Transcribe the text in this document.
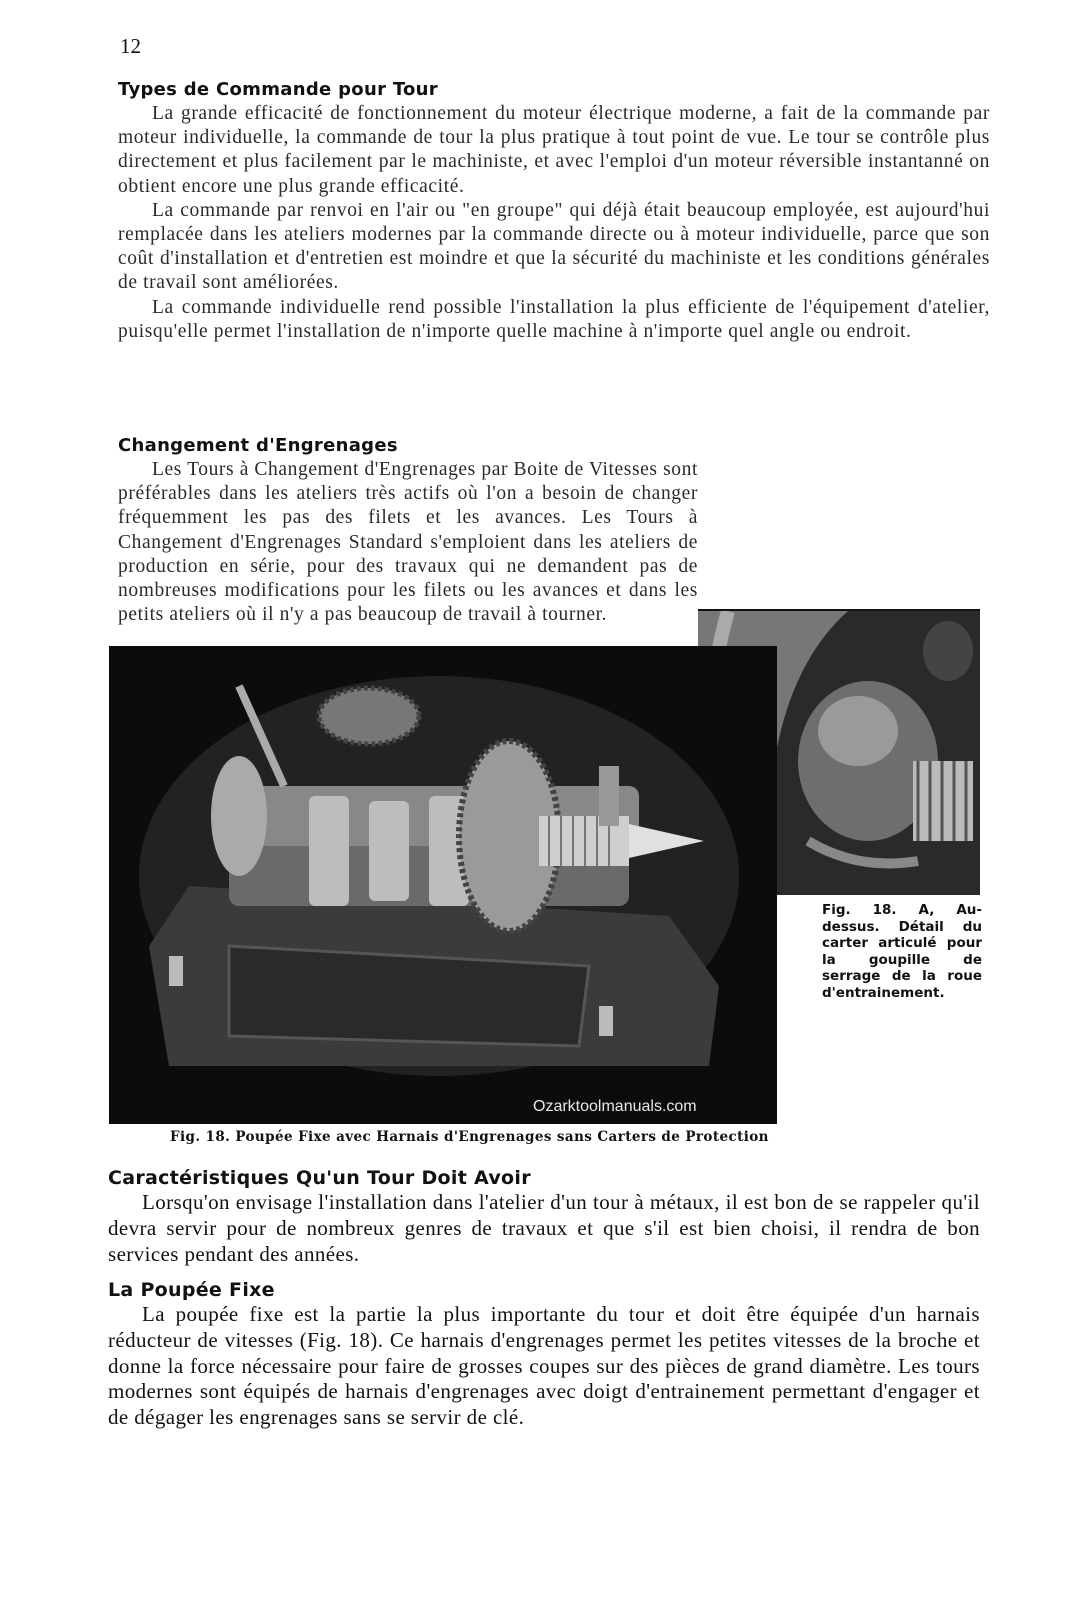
12
Types de Commande pour Tour

La grande efficacité de fonctionnement du moteur électrique moderne, a fait de la commande par moteur individuelle, la commande de tour la plus pratique à tout point de vue. Le tour se contrôle plus directement et plus facilement par le machiniste, et avec l'emploi d'un moteur réversible instantanné on obtient encore une plus grande efficacité.

La commande par renvoi en l'air ou "en groupe" qui déjà était beaucoup employée, est aujourd'hui remplacée dans les ateliers modernes par la commande directe ou à moteur individuelle, parce que son coût d'installation et d'entretien est moindre et que la sécurité du machiniste et les conditions générales de travail sont améliorées.

La commande individuelle rend possible l'installation la plus efficiente de l'équipement d'atelier, puisqu'elle permet l'installation de n'importe quelle machine à n'importe quel angle ou endroit.

Changement d'Engrenages

Les Tours à Changement d'Engrenages par Boite de Vitesses sont préférables dans les ateliers très actifs où l'on a besoin de changer fréquemment les pas des filets et les avances. Les Tours à Changement d'Engrenages Standard s'emploient dans les ateliers de production en série, pour des travaux qui ne demandent pas de nombreuses modifications pour les filets ou les avances et dans les petits ateliers où il n'y a pas beaucoup de travail à tourner.

Fig. 18. A, Au-dessus. Détail du carter articulé pour la goupille de serrage de la roue d'entrainement.
Ozarktoolmanuals.com
Fig. 18. Poupée Fixe avec Harnais d'Engrenages sans Carters de Protection
Caractéristiques Qu'un Tour Doit Avoir

Lorsqu'on envisage l'installation dans l'atelier d'un tour à métaux, il est bon de se rappeler qu'il devra servir pour de nombreux genres de travaux et que s'il est bien choisi, il rendra de bon services pendant des années.

La Poupée Fixe

La poupée fixe est la partie la plus importante du tour et doit être équipée d'un harnais réducteur de vitesses (Fig. 18). Ce harnais d'engrenages permet les petites vitesses de la broche et donne la force nécessaire pour faire de grosses coupes sur des pièces de grand diamètre. Les tours modernes sont équipés de harnais d'engrenages avec doigt d'entrainement permettant d'engager et de dégager les engrenages sans se servir de clé.
